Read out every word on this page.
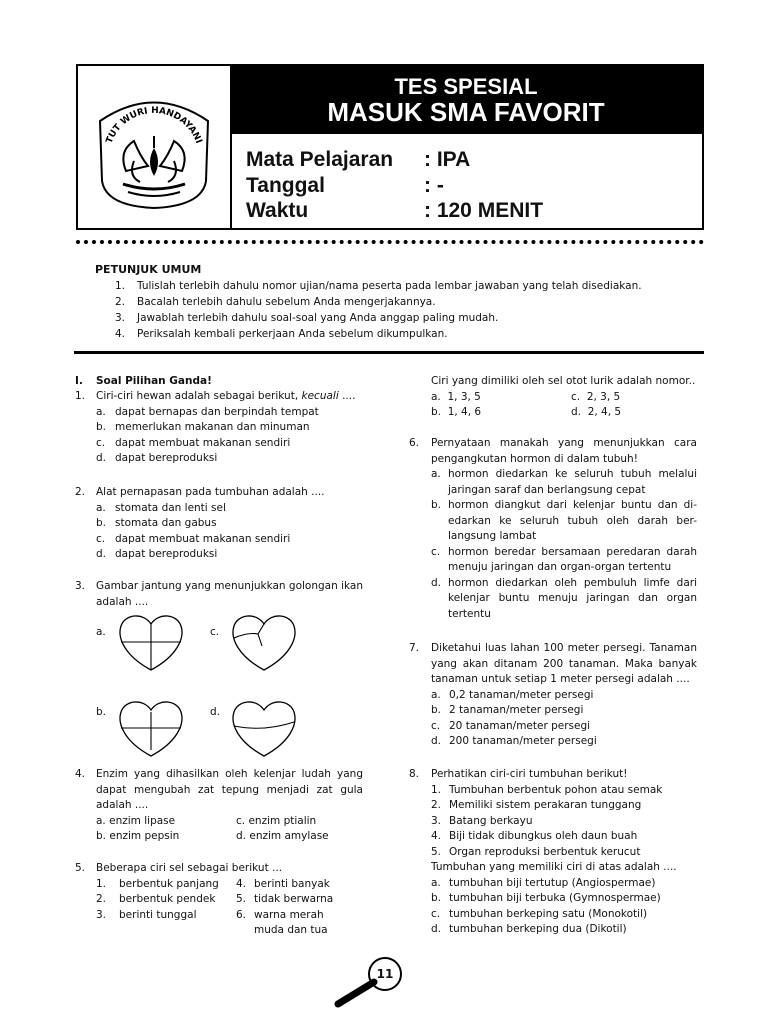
TUT WURI HANDAYANI
TES SPESIAL
MASUK SMA FAVORIT
Mata Pelajaran : IPA
Tanggal	: -
Waktu	: 120 MENIT
PETUNJUK UMUM
1. Tulislah terlebih dahulu nomor ujian/nama peserta pada lembar jawaban yang telah disediakan.
2. Bacalah terlebih dahulu sebelum Anda mengerjakannya.
3. Jawablah terlebih dahulu soal-soal yang Anda anggap paling mudah.
4. Periksalah kembali perkerjaan Anda sebelum dikumpulkan.
I. Soal Pilihan Ganda!
1. Ciri-ciri hewan adalah sebagai berikut, kecuali ....
a. dapat bernapas dan berpindah tempat
b. memerlukan makanan dan minuman
c. dapat membuat makanan sendiri
d. dapat bereproduksi
2. Alat pernapasan pada tumbuhan adalah ....
a. stomata dan lenti sel
b. stomata dan gabus
c. dapat membuat makanan sendiri
d. dapat bereproduksi
3. Gambar jantung yang menunjukkan golongan ikan
adalah ....
a.	c.
b.	d.
4. Enzim yang dihasilkan oleh kelenjar ludah yang
dapat mengubah zat tepung menjadi zat gula
adalah ....
a. enzim lipase	c. enzim ptialin
b. enzim pepsin	d. enzim amylase
5. Beberapa ciri sel sebagai berikut ...
1. berbentuk panjang 4. berinti banyak
2. berbentuk pendek 5. tidak berwarna
3. berinti tunggal	6. warna merah
muda dan tua
Ciri yang dimiliki oleh sel otot lurik adalah nomor..
a. 1, 3, 5	c. 2, 3, 5
b. 1, 4, 6	d. 2, 4, 5
6. Pernyataan manakah yang menunjukkan cara
pengangkutan hormon di dalam tubuh!
a. hormon diedarkan ke seluruh tubuh melalui
jaringan saraf dan berlangsung cepat
b. hormon diangkut dari kelenjar buntu dan di-
edarkan ke seluruh tubuh oleh darah ber-
langsung lambat
c. hormon beredar bersamaan peredaran darah
menuju jaringan dan organ-organ tertentu
d. hormon diedarkan oleh pembuluh limfe dari
kelenjar buntu menuju jaringan dan organ
tertentu
7. Diketahui luas lahan 100 meter persegi. Tanaman
yang akan ditanam 200 tanaman. Maka banyak
tanaman untuk setiap 1 meter persegi adalah ....
a. 0,2 tanaman/meter persegi
b. 2 tanaman/meter persegi
c. 20 tanaman/meter persegi
d. 200 tanaman/meter persegi
8. Perhatikan ciri-ciri tumbuhan berikut!
1. Tumbuhan berbentuk pohon atau semak
2. Memiliki sistem perakaran tunggang
3. Batang berkayu
4. Biji tidak dibungkus oleh daun buah
5. Organ reproduksi berbentuk kerucut
Tumbuhan yang memiliki ciri di atas adalah ....
a. tumbuhan biji tertutup (Angiospermae)
b. tumbuhan biji terbuka (Gymnospermae)
c. tumbuhan berkeping satu (Monokotil)
d. tumbuhan berkeping dua (Dikotil)
11
